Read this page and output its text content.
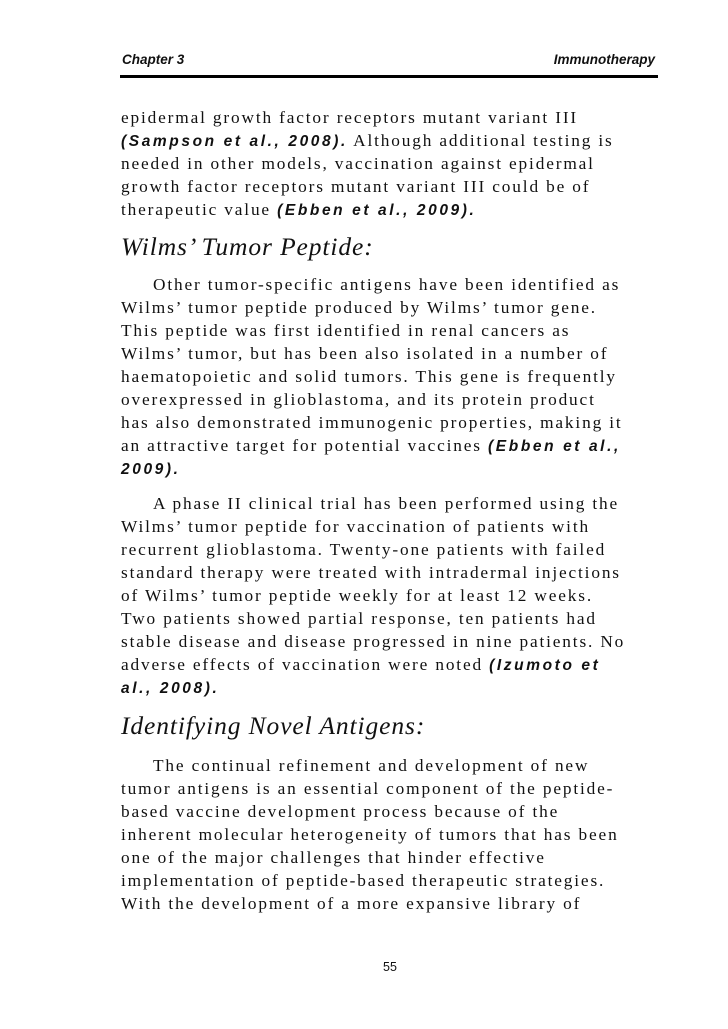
Chapter 3	Immunotherapy
epidermal growth factor receptors mutant variant III
(Sampson et al., 2008). Although additional testing is
needed in other models, vaccination against epidermal
growth factor receptors mutant variant III could be of
therapeutic value (Ebben et al., 2009).
Wilms’ Tumor Peptide:
Other tumor-specific antigens have been identified as
Wilms’ tumor peptide produced by Wilms’ tumor gene.
This peptide was first identified in renal cancers as
Wilms’ tumor, but has been also isolated in a number of
haematopoietic and solid tumors. This gene is frequently
overexpressed in glioblastoma, and its protein product
has also demonstrated immunogenic properties, making it
an attractive target for potential vaccines (Ebben et al.,
2009).
A phase II clinical trial has been performed using the
Wilms’ tumor peptide for vaccination of patients with
recurrent glioblastoma. Twenty-one patients with failed
standard therapy were treated with intradermal injections
of Wilms’ tumor peptide weekly for at least 12 weeks.
Two patients showed partial response, ten patients had
stable disease and disease progressed in nine patients. No
adverse effects of vaccination were noted (Izumoto et
al., 2008).
Identifying Novel Antigens:
The continual refinement and development of new
tumor antigens is an essential component of the peptide-
based vaccine development process because of the
inherent molecular heterogeneity of tumors that has been
one of the major challenges that hinder effective
implementation of peptide-based therapeutic strategies.
With the development of a more expansive library of
55
